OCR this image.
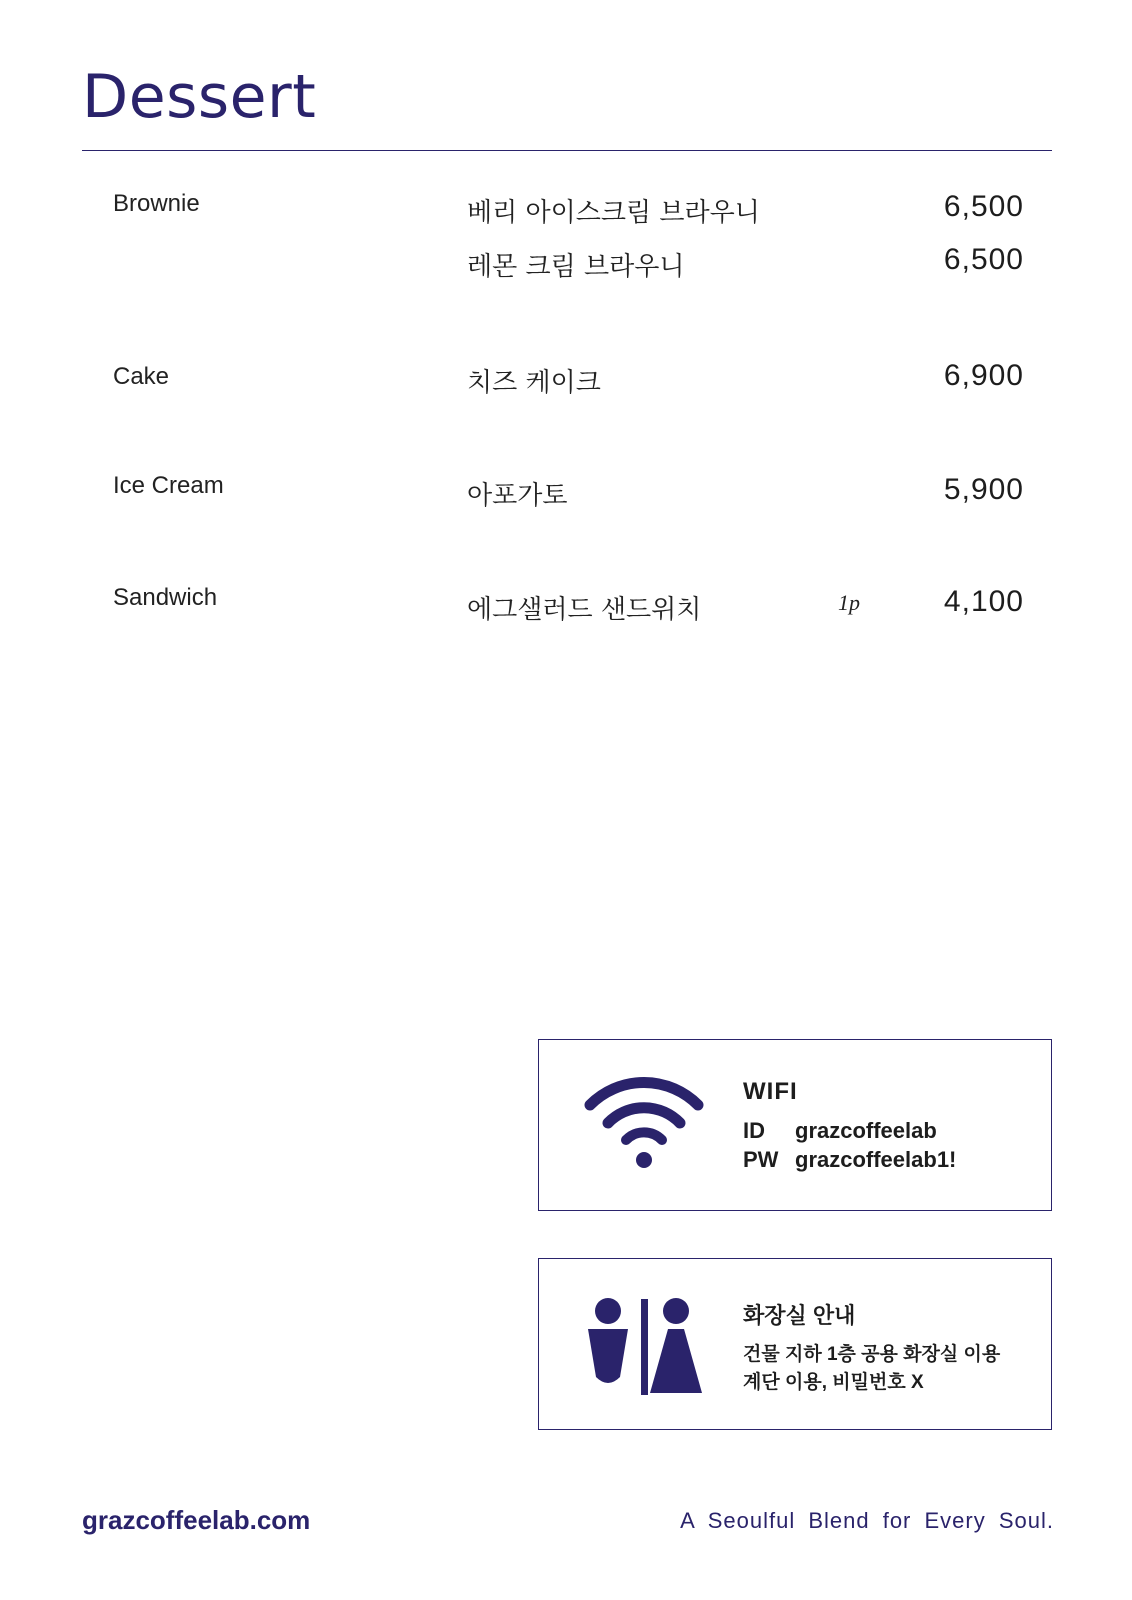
Dessert
Brownie	베리 아이스크림 브라우니	6,500
레몬 크림 브라우니	6,500
Cake	치즈 케이크	6,900
Ice Cream	아포가토	5,900
Sandwich	에그샐러드 샌드위치	1p	4,100
WIFI
ID grazcoffeelab
PW grazcoffeelab1!
화장실 안내
건물 지하 1층 공용 화장실 이용
계단 이용, 비밀번호 X
grazcoffeelab.com	A Seoulful Blend for Every Soul.
